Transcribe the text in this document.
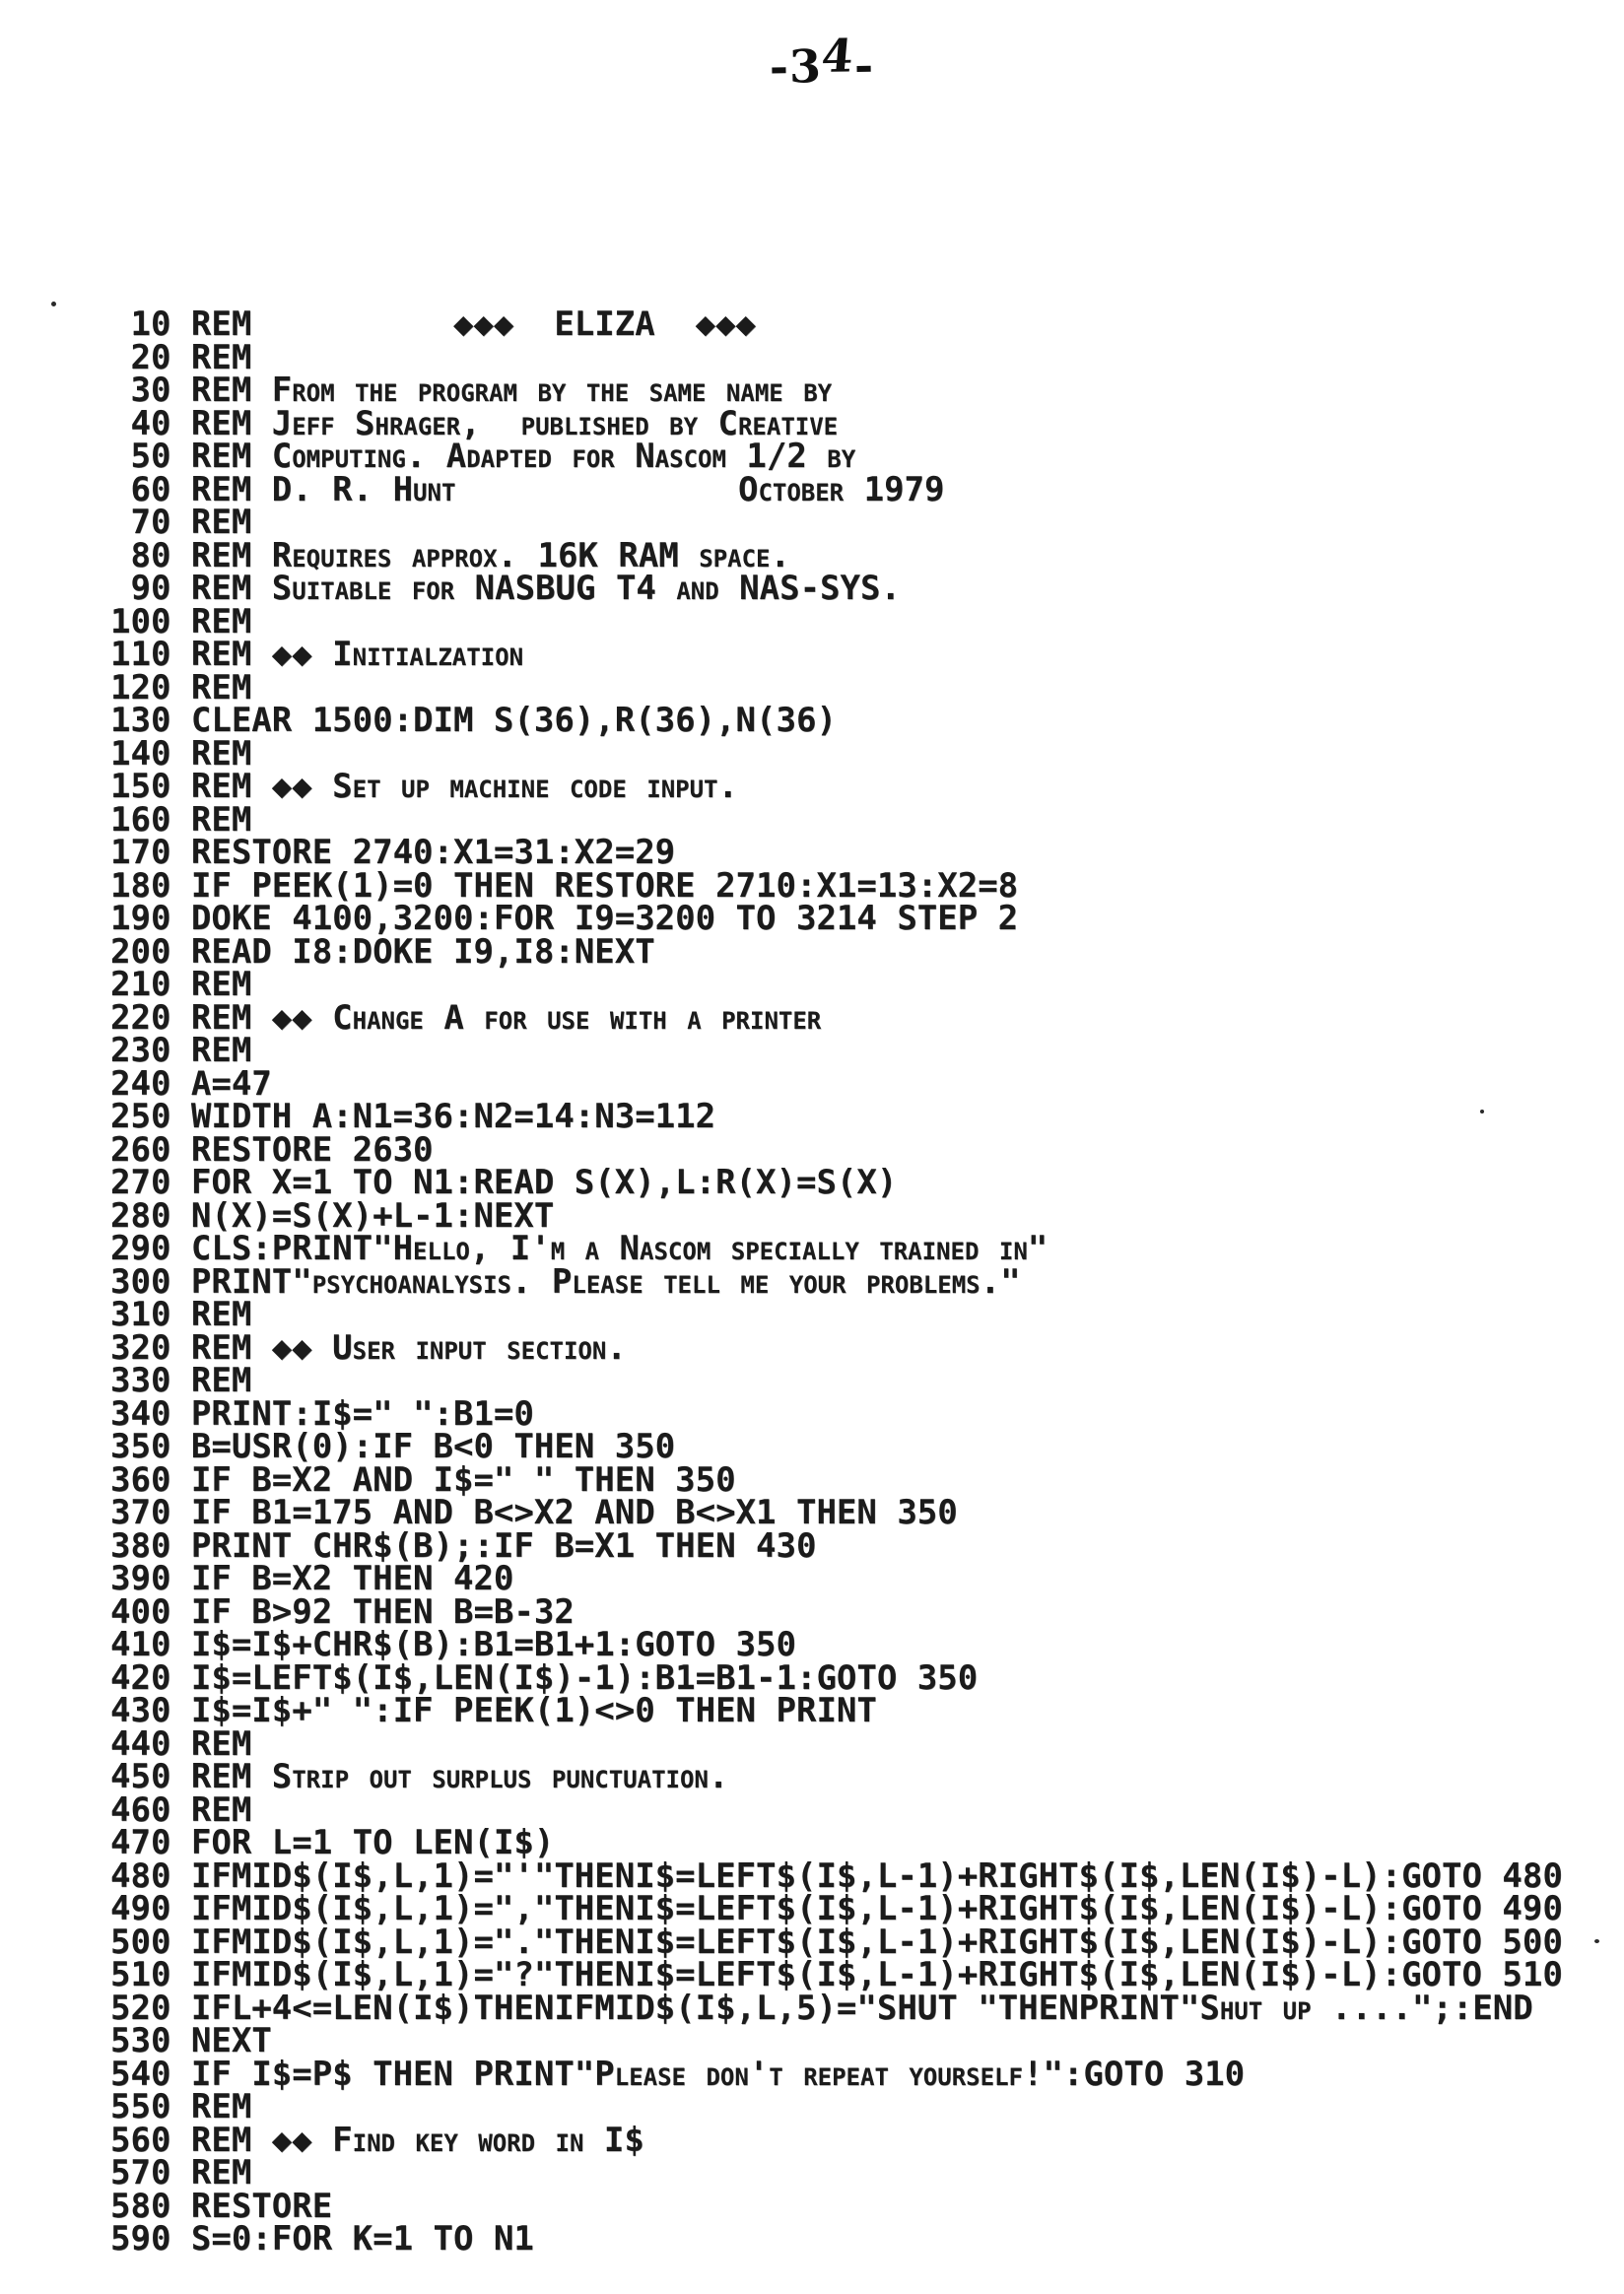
-34-
10 REM          ◆◆◆  ELIZA  ◆◆◆
20 REM
30 REM From the program by the same name by
40 REM Jeff Shrager,  published by Creative
50 REM Computing. Adapted for Nascom 1/2 by
60 REM D. R. Hunt              October 1979
70 REM
80 REM Requires approx. 16K RAM space.
90 REM Suitable for NASBUG T4 and NAS-SYS.
100 REM
110 REM ◆◆ Initialzation
120 REM
130 CLEAR 1500:DIM S(36),R(36),N(36)
140 REM
150 REM ◆◆ Set up machine code input.
160 REM
170 RESTORE 2740:X1=31:X2=29
180 IF PEEK(1)=0 THEN RESTORE 2710:X1=13:X2=8
190 DOKE 4100,3200:FOR I9=3200 TO 3214 STEP 2
200 READ I8:DOKE I9,I8:NEXT
210 REM
220 REM ◆◆ Change A for use with a printer
230 REM
240 A=47
250 WIDTH A:N1=36:N2=14:N3=112
260 RESTORE 2630
270 FOR X=1 TO N1:READ S(X),L:R(X)=S(X)
280 N(X)=S(X)+L-1:NEXT
290 CLS:PRINT"Hello, I'm a Nascom specially trained in"
300 PRINT"psychoanalysis. Please tell me your problems."
310 REM
320 REM ◆◆ User input section.
330 REM
340 PRINT:I$=" ":B1=0
350 B=USR(0):IF B<0 THEN 350
360 IF B=X2 AND I$=" " THEN 350
370 IF B1=175 AND B<>X2 AND B<>X1 THEN 350
380 PRINT CHR$(B);:IF B=X1 THEN 430
390 IF B=X2 THEN 420
400 IF B>92 THEN B=B-32
410 I$=I$+CHR$(B):B1=B1+1:GOTO 350
420 I$=LEFT$(I$,LEN(I$)-1):B1=B1-1:GOTO 350
430 I$=I$+" ":IF PEEK(1)<>0 THEN PRINT
440 REM
450 REM Strip out surplus punctuation.
460 REM
470 FOR L=1 TO LEN(I$)
480 IFMID$(I$,L,1)="'"THENI$=LEFT$(I$,L-1)+RIGHT$(I$,LEN(I$)-L):GOTO 480
490 IFMID$(I$,L,1)=","THENI$=LEFT$(I$,L-1)+RIGHT$(I$,LEN(I$)-L):GOTO 490
500 IFMID$(I$,L,1)="."THENI$=LEFT$(I$,L-1)+RIGHT$(I$,LEN(I$)-L):GOTO 500
510 IFMID$(I$,L,1)="?"THENI$=LEFT$(I$,L-1)+RIGHT$(I$,LEN(I$)-L):GOTO 510
520 IFL+4<=LEN(I$)THENIFMID$(I$,L,5)="SHUT "THENPRINT"Shut up ....";:END
530 NEXT
540 IF I$=P$ THEN PRINT"Please don't repeat yourself!":GOTO 310
550 REM
560 REM ◆◆ Find key word in I$
570 REM
580 RESTORE
590 S=0:FOR K=1 TO N1
